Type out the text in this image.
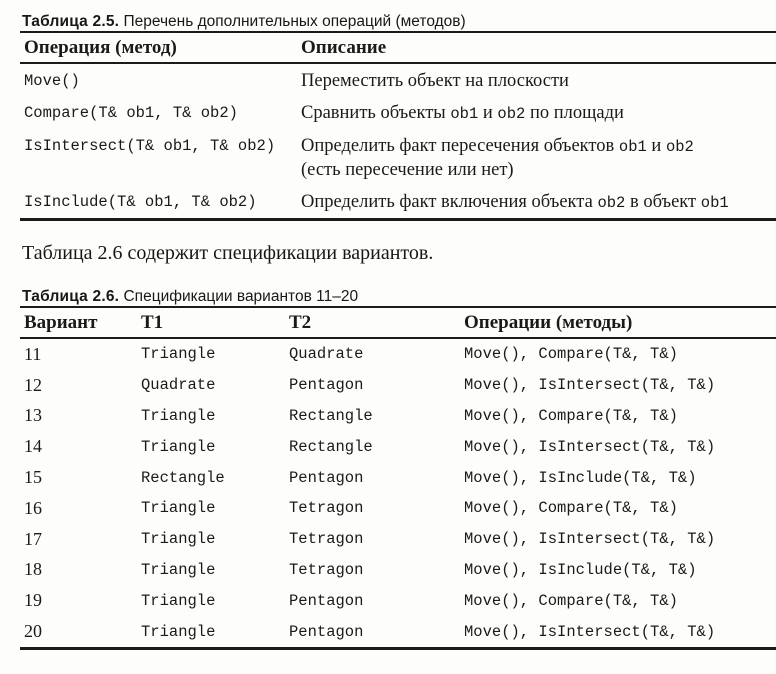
Таблица 2.5. Перечень дополнительных операций (методов)

Операция (метод)	Описание
Move()	Переместить объект на плоскости
Compare(T& ob1, T& ob2)	Сравнить объекты ob1 и ob2 по площади
IsIntersect(T& ob1, T& ob2)	Определить факт пересечения объектов ob1 и ob2
(есть пересечение или нет)
IsInclude(T& ob1, T& ob2)	Определить факт включения объекта ob2 в объект ob1

Таблица 2.6 содержит спецификации вариантов.

Таблица 2.6. Спецификации вариантов 11–20

Вариант	T1	T2	Операции (методы)
11	Triangle	Quadrate	Move(), Compare(T&, T&)
12	Quadrate	Pentagon	Move(), IsIntersect(T&, T&)
13	Triangle	Rectangle	Move(), Compare(T&, T&)
14	Triangle	Rectangle	Move(), IsIntersect(T&, T&)
15	Rectangle	Pentagon	Move(), IsInclude(T&, T&)
16	Triangle	Tetragon	Move(), Compare(T&, T&)
17	Triangle	Tetragon	Move(), IsIntersect(T&, T&)
18	Triangle	Tetragon	Move(), IsInclude(T&, T&)
19	Triangle	Pentagon	Move(), Compare(T&, T&)
20	Triangle	Pentagon	Move(), IsIntersect(T&, T&)
